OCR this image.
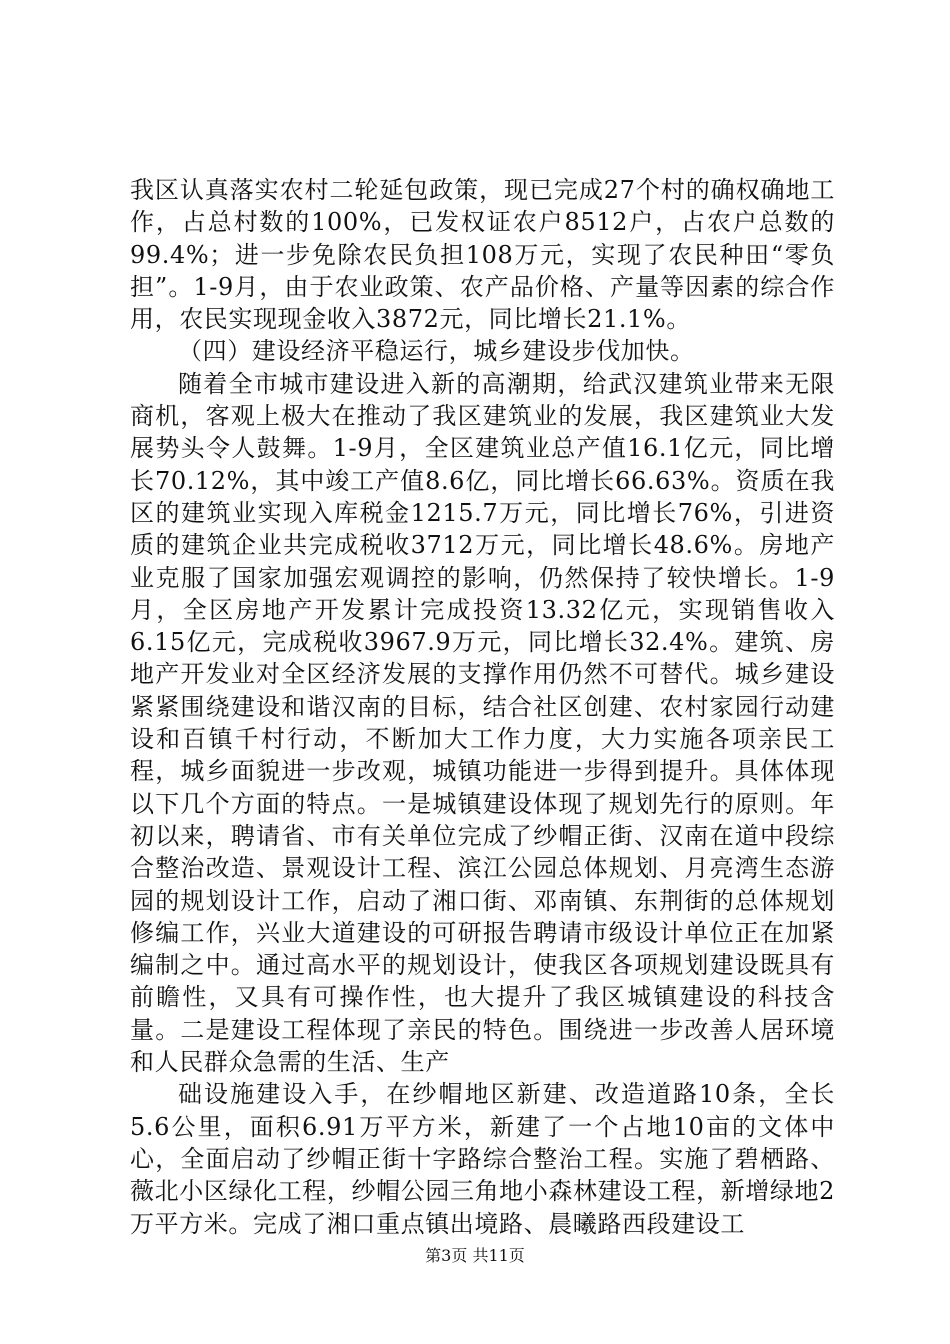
我区认真落实农村二轮延包政策，现已完成27个村的确权确地工作，占总村数的100%，已发权证农户8512户，占农户总数的99.4%；进一步免除农民负担108万元，实现了农民种田“零负担”。1-9月，由于农业政策、农产品价格、产量等因素的综合作用，农民实现现金收入3872元，同比增长21.1%。

（四）建设经济平稳运行，城乡建设步伐加快。

随着全市城市建设进入新的高潮期，给武汉建筑业带来无限商机，客观上极大在推动了我区建筑业的发展，我区建筑业大发展势头令人鼓舞。1-9月，全区建筑业总产值16.1亿元，同比增长70.12%，其中竣工产值8.6亿，同比增长66.63%。资质在我区的建筑业实现入库税金1215.7万元，同比增长76%，引进资质的建筑企业共完成税收3712万元，同比增长48.6%。房地产业克服了国家加强宏观调控的影响，仍然保持了较快增长。1-9月，全区房地产开发累计完成投资13.32亿元，实现销售收入6.15亿元，完成税收3967.9万元，同比增长32.4%。建筑、房地产开发业对全区经济发展的支撑作用仍然不可替代。城乡建设紧紧围绕建设和谐汉南的目标，结合社区创建、农村家园行动建设和百镇千村行动，不断加大工作力度，大力实施各项亲民工程，城乡面貌进一步改观，城镇功能进一步得到提升。具体体现以下几个方面的特点。一是城镇建设体现了规划先行的原则。年初以来，聘请省、市有关单位完成了纱帽正街、汉南在道中段综合整治改造、景观设计工程、滨江公园总体规划、月亮湾生态游园的规划设计工作，启动了湘口街、邓南镇、东荆街的总体规划修编工作，兴业大道建设的可研报告聘请市级设计单位正在加紧编制之中。通过高水平的规划设计，使我区各项规划建设既具有前瞻性，又具有可操作性，也大提升了我区城镇建设的科技含量。二是建设工程体现了亲民的特色。围绕进一步改善人居环境和人民群众急需的生活、生产

础设施建设入手，在纱帽地区新建、改造道路10条，全长5.6公里，面积6.91万平方米，新建了一个占地10亩的文体中心，全面启动了纱帽正街十字路综合整治工程。实施了碧栖路、薇北小区绿化工程，纱帽公园三角地小森林建设工程，新增绿地2万平方米。完成了湘口重点镇出境路、晨曦路西段建设工

第3页 共11页
